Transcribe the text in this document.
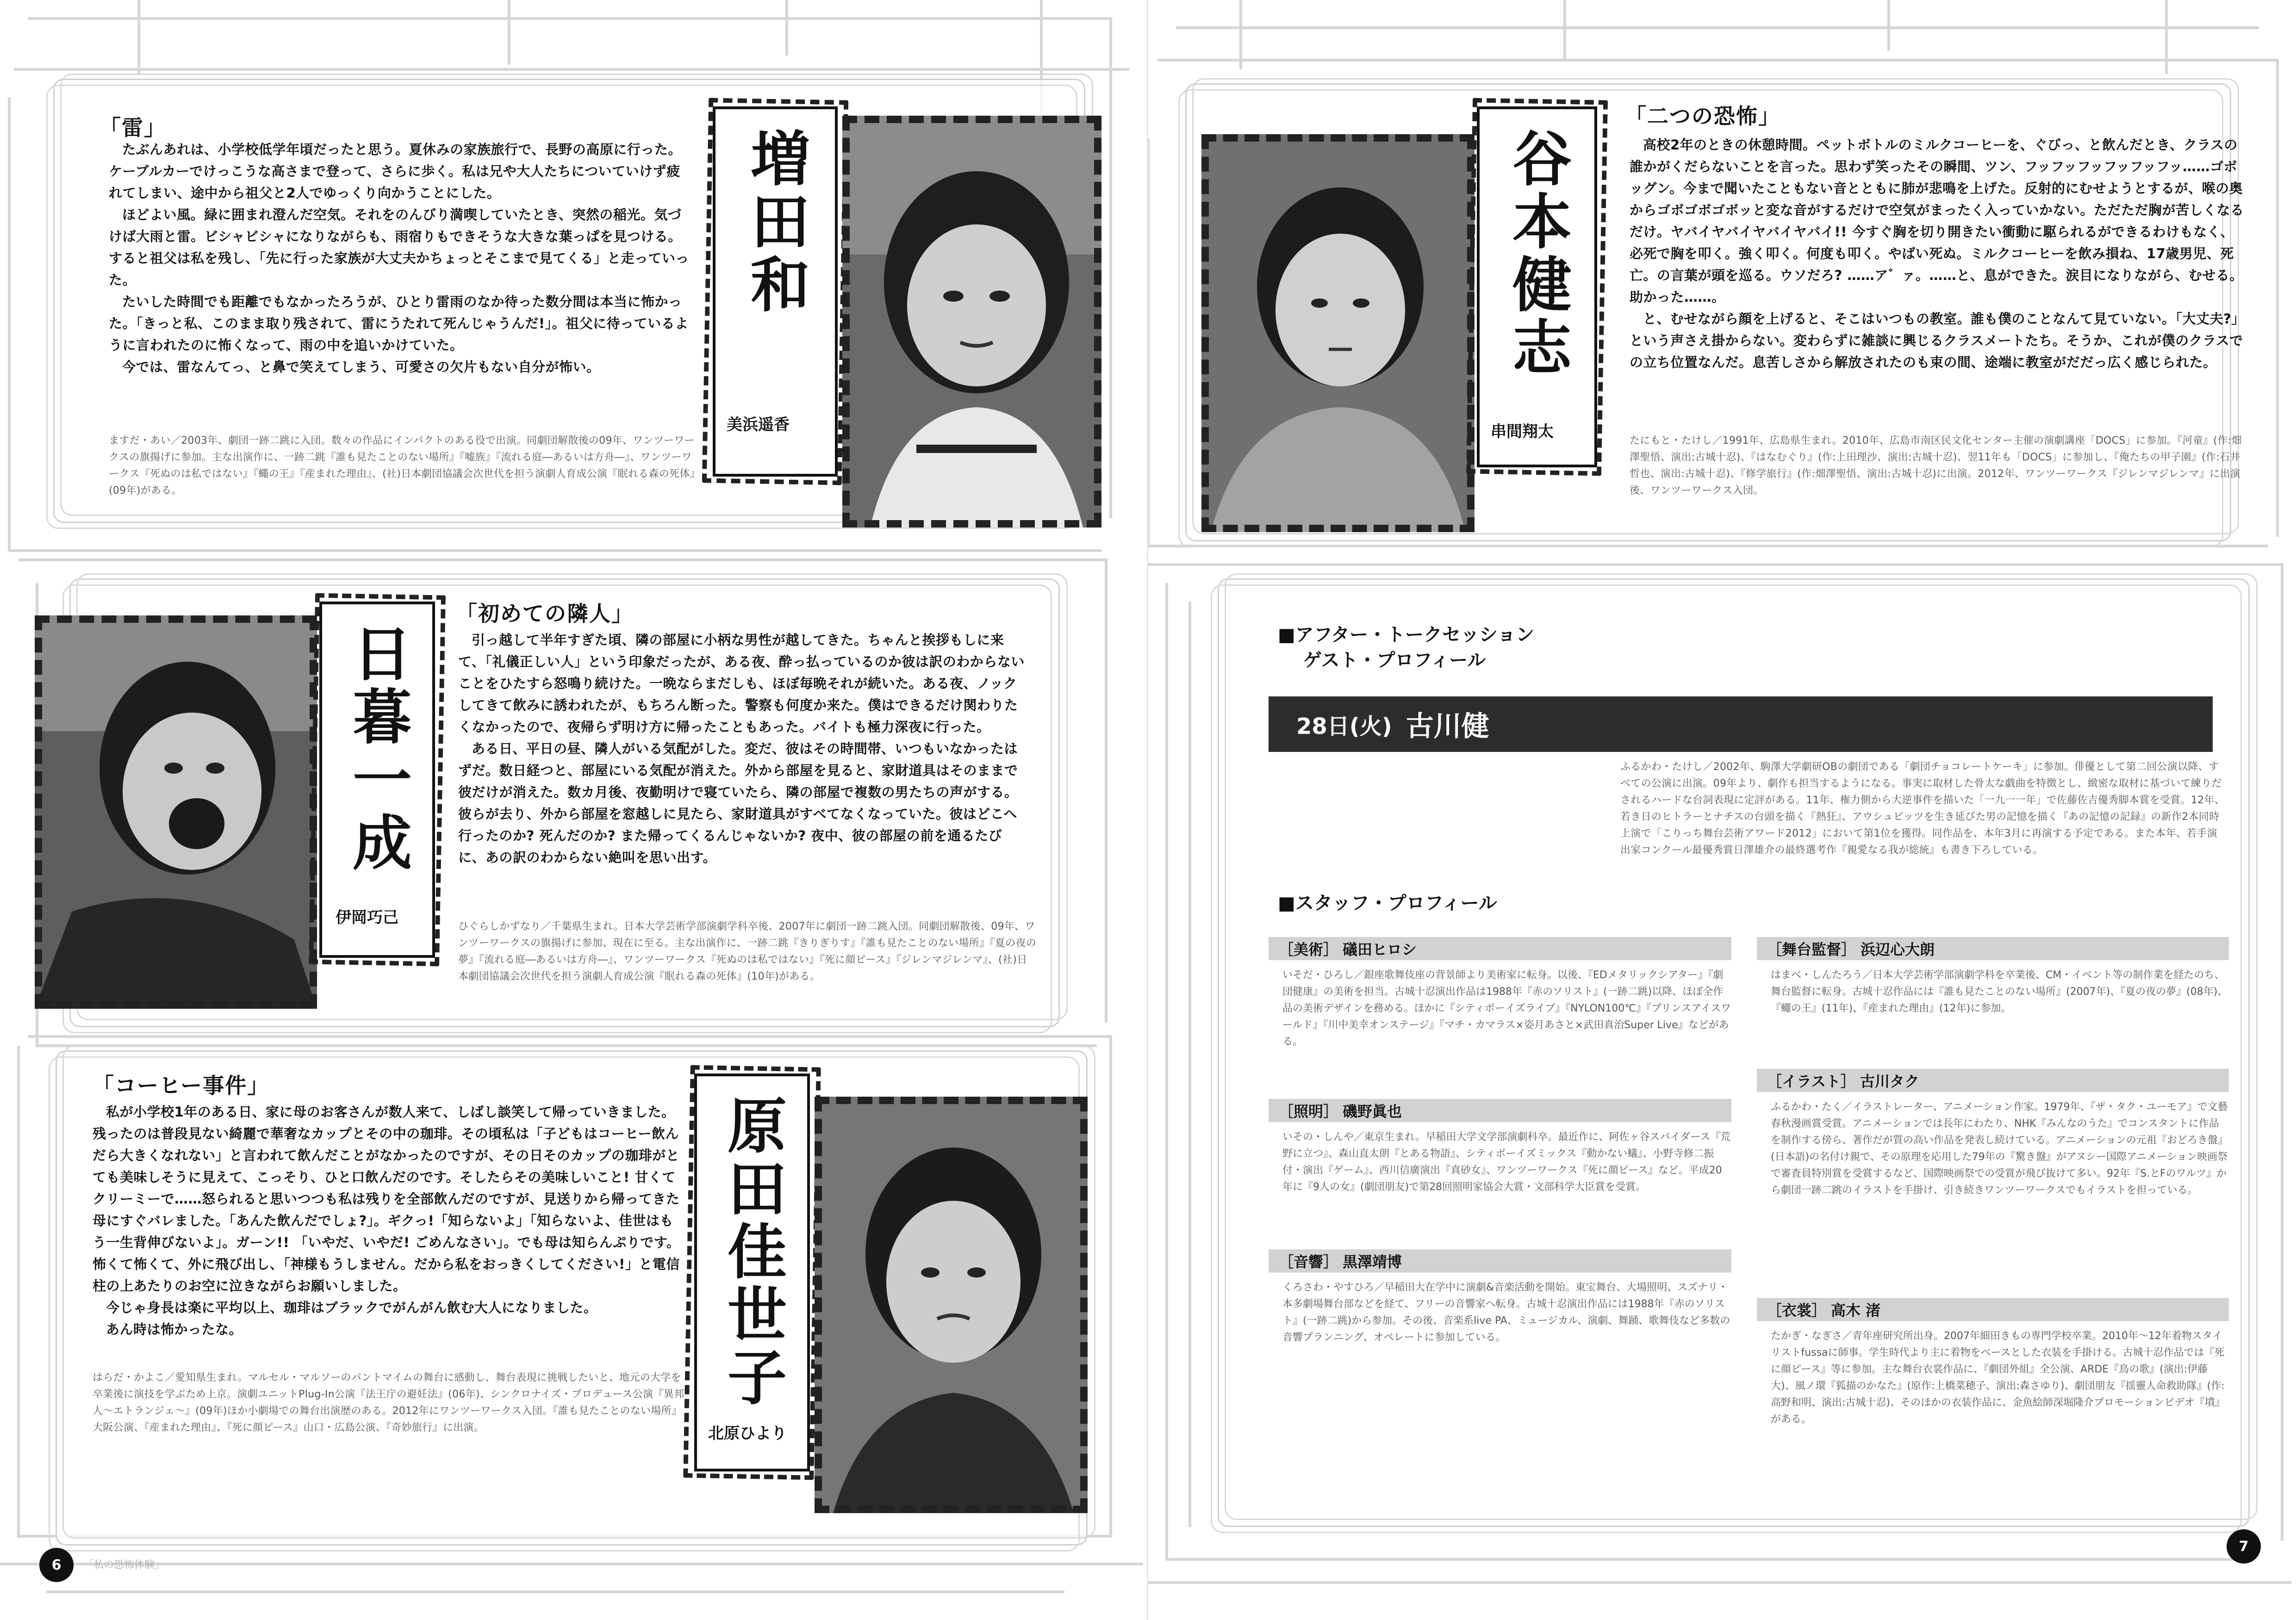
「雷」

たぶんあれは、小学校低学年頃だったと思う。夏休みの家族旅行で、長野の高原に行った。ケーブルカーでけっこうな高さまで登って、さらに歩く。私は兄や大人たちについていけず疲れてしまい、途中から祖父と2人でゆっくり向かうことにした。

ほどよい風。緑に囲まれ澄んだ空気。それをのんびり満喫していたとき、突然の稲光。気づけば大雨と雷。ビシャビシャになりながらも、雨宿りもできそうな大きな葉っぱを見つける。すると祖父は私を残し、「先に行った家族が大丈夫かちょっとそこまで見てくる」と走っていった。

たいした時間でも距離でもなかったろうが、ひとり雷雨のなか待った数分間は本当に怖かった。「きっと私、このまま取り残されて、雷にうたれて死んじゃうんだ!」。祖父に待っているように言われたのに怖くなって、雨の中を追いかけていた。

今では、雷なんてっ、と鼻で笑えてしまう、可愛さの欠片もない自分が怖い。

ますだ・あい／2003年、劇団一跡二跳に入団。数々の作品にインパクトのある役で出演。同劇団解散後の09年、ワンツーワークスの旗揚げに参加。主な出演作に、一跡二跳『誰も見たことのない場所』『嘘族』『流れる庭―あるいは方舟―』、ワンツーワークス『死ぬのは私ではない』『蠅の王』『産まれた理由』、(社)日本劇団協議会次世代を担う演劇人育成公演『眠れる森の死体』(09年)がある。
増田和
美浜遥香
日暮一成
伊岡巧己
「初めての隣人」

引っ越して半年すぎた頃、隣の部屋に小柄な男性が越してきた。ちゃんと挨拶もしに来て、「礼儀正しい人」という印象だったが、ある夜、酔っ払っているのか彼は訳のわからないことをひたすら怒鳴り続けた。一晩ならまだしも、ほぼ毎晩それが続いた。ある夜、ノックしてきて飲みに誘われたが、もちろん断った。警察も何度か来た。僕はできるだけ関わりたくなかったので、夜帰らず明け方に帰ったこともあった。バイトも極力深夜に行った。

ある日、平日の昼、隣人がいる気配がした。変だ、彼はその時間帯、いつもいなかったはずだ。数日経つと、部屋にいる気配が消えた。外から部屋を見ると、家財道具はそのままで彼だけが消えた。数カ月後、夜勤明けで寝ていたら、隣の部屋で複数の男たちの声がする。彼らが去り、外から部屋を窓越しに見たら、家財道具がすべてなくなっていた。彼はどこへ行ったのか? 死んだのか? また帰ってくるんじゃないか? 夜中、彼の部屋の前を通るたびに、あの訳のわからない絶叫を思い出す。

ひぐらしかずなり／千葉県生まれ。日本大学芸術学部演劇学科卒後、2007年に劇団一跡二跳入団。同劇団解散後、09年、ワンツーワークスの旗揚げに参加、現在に至る。主な出演作に、一跡二跳『きりぎりす』『誰も見たことのない場所』『夏の夜の夢』『流れる庭―あるいは方舟―』、ワンツーワークス『死ぬのは私ではない』『死に顔ピース』『ジレンマジレンマ』、(社)日本劇団協議会次世代を担う演劇人育成公演『眠れる森の死体』(10年)がある。
「コーヒー事件」

私が小学校1年のある日、家に母のお客さんが数人来て、しばし談笑して帰っていきました。残ったのは普段見ない綺麗で華奢なカップとその中の珈琲。その頃私は「子どもはコーヒー飲んだら大きくなれない」と言われて飲んだことがなかったのですが、その日そのカップの珈琲がとても美味しそうに見えて、こっそり、ひと口飲んだのです。そしたらその美味しいこと! 甘くてクリーミーで……怒られると思いつつも私は残りを全部飲んだのですが、見送りから帰ってきた母にすぐバレました。「あんた飲んだでしょ?」。ギクっ!「知らないよ」「知らないよ、佳世はもう一生背伸びないよ」。ガーン!! 「いやだ、いやだ! ごめんなさい」。でも母は知らんぷりです。怖くて怖くて、外に飛び出し、「神様もうしません。だから私をおっきくしてください!」と電信柱の上あたりのお空に泣きながらお願いしました。

今じゃ身長は楽に平均以上、珈琲はブラックでがんがん飲む大人になりました。

あん時は怖かったな。

はらだ・かよこ／愛知県生まれ。マルセル・マルソーのパントマイムの舞台に感動し、舞台表現に挑戦したいと、地元の大学を卒業後に演技を学ぶため上京。演劇ユニットPlug-In公演『法王庁の避妊法』(06年)、シンクロナイズ・プロデュース公演『異邦人〜エトランジェ〜』(09年)ほか小劇場での舞台出演歴のある。2012年にワンツーワークス入団。『誰も見たことのない場所』大阪公演、『産まれた理由』、『死に顔ピース』山口・広島公演、『奇妙旅行』に出演。
原田佳世子
北原ひより
6	「私の恐怖体験」
谷本健志
串間翔太
「二つの恐怖」

高校2年のときの休憩時間。ペットボトルのミルクコーヒーを、ぐびっ、と飲んだとき、クラスの誰かがくだらないことを言った。思わず笑ったその瞬間、ツン、フッフッフッフッフッフッ……ゴボッグン。今まで聞いたこともない音とともに肺が悲鳴を上げた。反射的にむせようとするが、喉の奥からゴボゴボゴボッと変な音がするだけで空気がまったく入っていかない。ただただ胸が苦しくなるだけ。ヤバイヤバイヤバイヤバイ!! 今すぐ胸を切り開きたい衝動に駆られるができるわけもなく、必死で胸を叩く。強く叩く。何度も叩く。やばい死ぬ。ミルクコーヒーを飲み損ね、17歳男児、死亡。の言葉が頭を巡る。ウソだろ? ……ア゛ァ。……と、息ができた。涙目になりながら、むせる。助かった……。

と、むせながら顔を上げると、そこはいつもの教室。誰も僕のことなんて見ていない。「大丈夫?」という声さえ掛からない。変わらずに雑談に興じるクラスメートたち。そうか、これが僕のクラスでの立ち位置なんだ。息苦しさから解放されたのも束の間、途端に教室がだだっ広く感じられた。

たにもと・たけし／1991年、広島県生まれ。2010年、広島市南区民文化センター主催の演劇講座「DOCS」に参加。『河童』(作:畑澤聖悟、演出:古城十忍)、『はなむぐり』(作:上田理沙、演出:古城十忍)、翌11年も「DOCS」に参加し、『俺たちの甲子園』(作:石井哲也、演出:古城十忍)、『修学旅行』(作:畑澤聖悟、演出:古城十忍)に出演。2012年、ワンツーワークス『ジレンマジレンマ』に出演後、ワンツーワークス入団。
■アフター・トークセッション
ゲスト・プロフィール
28日(火) 古川健
ふるかわ・たけし／2002年、駒澤大学劇研OBの劇団である「劇団チョコレートケーキ」に参加。俳優として第二回公演以降、すべての公演に出演。09年より、劇作も担当するようになる。事実に取材した骨太な戯曲を特徴とし、緻密な取材に基づいて練りだされるハードな台詞表現に定評がある。11年、権力側から大逆事件を描いた「一九一一年」で佐藤佐吉優秀脚本賞を受賞。12年、若き日のヒトラーとナチスの台頭を描く『熱狂』、アウシュビッツを生き延びた男の記憶を描く『あの記憶の記録』の新作2本同時上演で「こりっち舞台芸術アワード2012」において第1位を獲得。同作品を、本年3月に再演する予定である。また本年、若手演出家コンクール最優秀賞日澤雄介の最終選考作『親愛なる我が総統』も書き下ろしている。
■スタッフ・プロフィール
［美術］ 礒田ヒロシ
いそだ・ひろし／銀座歌舞伎座の背景師より美術家に転身。以後、『EDメタリックシアター』『劇団健康』の美術を担当。古城十忍演出作品は1988年『赤のソリスト』(一跡二跳)以降、ほぼ全作品の美術デザインを務める。ほかに『シティボーイズライブ』『NYLON100℃』『プリンスアイスワールド』『川中美幸オンステージ』『マチ・カマラス×姿月あさと×武田真治Super Live』などがある。
［照明］ 磯野眞也
いその・しんや／東京生まれ。早稲田大学文学部演劇科卒。最近作に、阿佐ヶ谷スパイダース『荒野に立つ』、森山直太朗『とある物語』、シティボーイズミックス『動かない蟻』、小野寺修二振付・演出『ゲーム』、西川信廣演出『真砂女』、ワンツーワークス『死に顔ピース』など。平成20年に『9人の女』(劇団朋友)で第28回照明家協会大賞・文部科学大臣賞を受賞。
［音響］ 黒澤靖博
くろさわ・やすひろ／早稲田大在学中に演劇&音楽活動を開始。東宝舞台、大場照明、スズナリ・本多劇場舞台部などを経て、フリーの音響家へ転身。古城十忍演出作品には1988年『赤のソリスト』(一跡二跳)から参加。その後、音楽系live PA、ミュージカル、演劇、舞踊、歌舞伎など多数の音響プランニング、オペレートに参加している。
［舞台監督］ 浜辺心大朗
はまべ・しんたろう／日本大学芸術学部演劇学科を卒業後、CM・イベント等の制作業を経たのち、舞台監督に転身。古城十忍作品には『誰も見たことのない場所』(2007年)、『夏の夜の夢』(08年)、『蠅の王』(11年)、『産まれた理由』(12年)に参加。
［イラスト］ 古川タク
ふるかわ・たく／イラストレーター、アニメーション作家。1979年、『ザ・タク・ユーモア』で文藝春秋漫画賞受賞。アニメーションでは長年にわたり、NHK『みんなのうた』でコンスタントに作品を制作する傍ら、著作だが質の高い作品を発表し続けている。アニメーションの元祖『おどろき盤』(日本語)の名付け親で、その原理を応用した79年の『驚き盤』がアヌシー国際アニメーション映画祭で審査員特別賞を受賞するなど、国際映画祭での受賞が飛び抜けて多い。92年『S.とFのワルツ』から劇団一跡二跳のイラストを手掛け、引き続きワンツーワークスでもイラストを担っている。
［衣裳］ 高木 渚
たかぎ・なぎさ／青年座研究所出身。2007年細田きもの専門学校卒業。2010年〜12年着物スタイリストfussaに師事。学生時代より主に着物をベースとした衣装を手掛ける。古城十忍作品では『死に顔ピース』等に参加。主な舞台衣裳作品に、『劇団外組』全公演、ARDE『鳥の歌』(演出:伊藤大)、風ノ環『狐描のかなた』(原作:上橋菜穂子、演出:森さゆり)、劇団朋友『揺靈人命救助隊』(作:高野和明、演出:古城十忍)、そのほかの衣装作品に、金魚絵師深堀隆介プロモーションビデオ『墳』がある。
7
